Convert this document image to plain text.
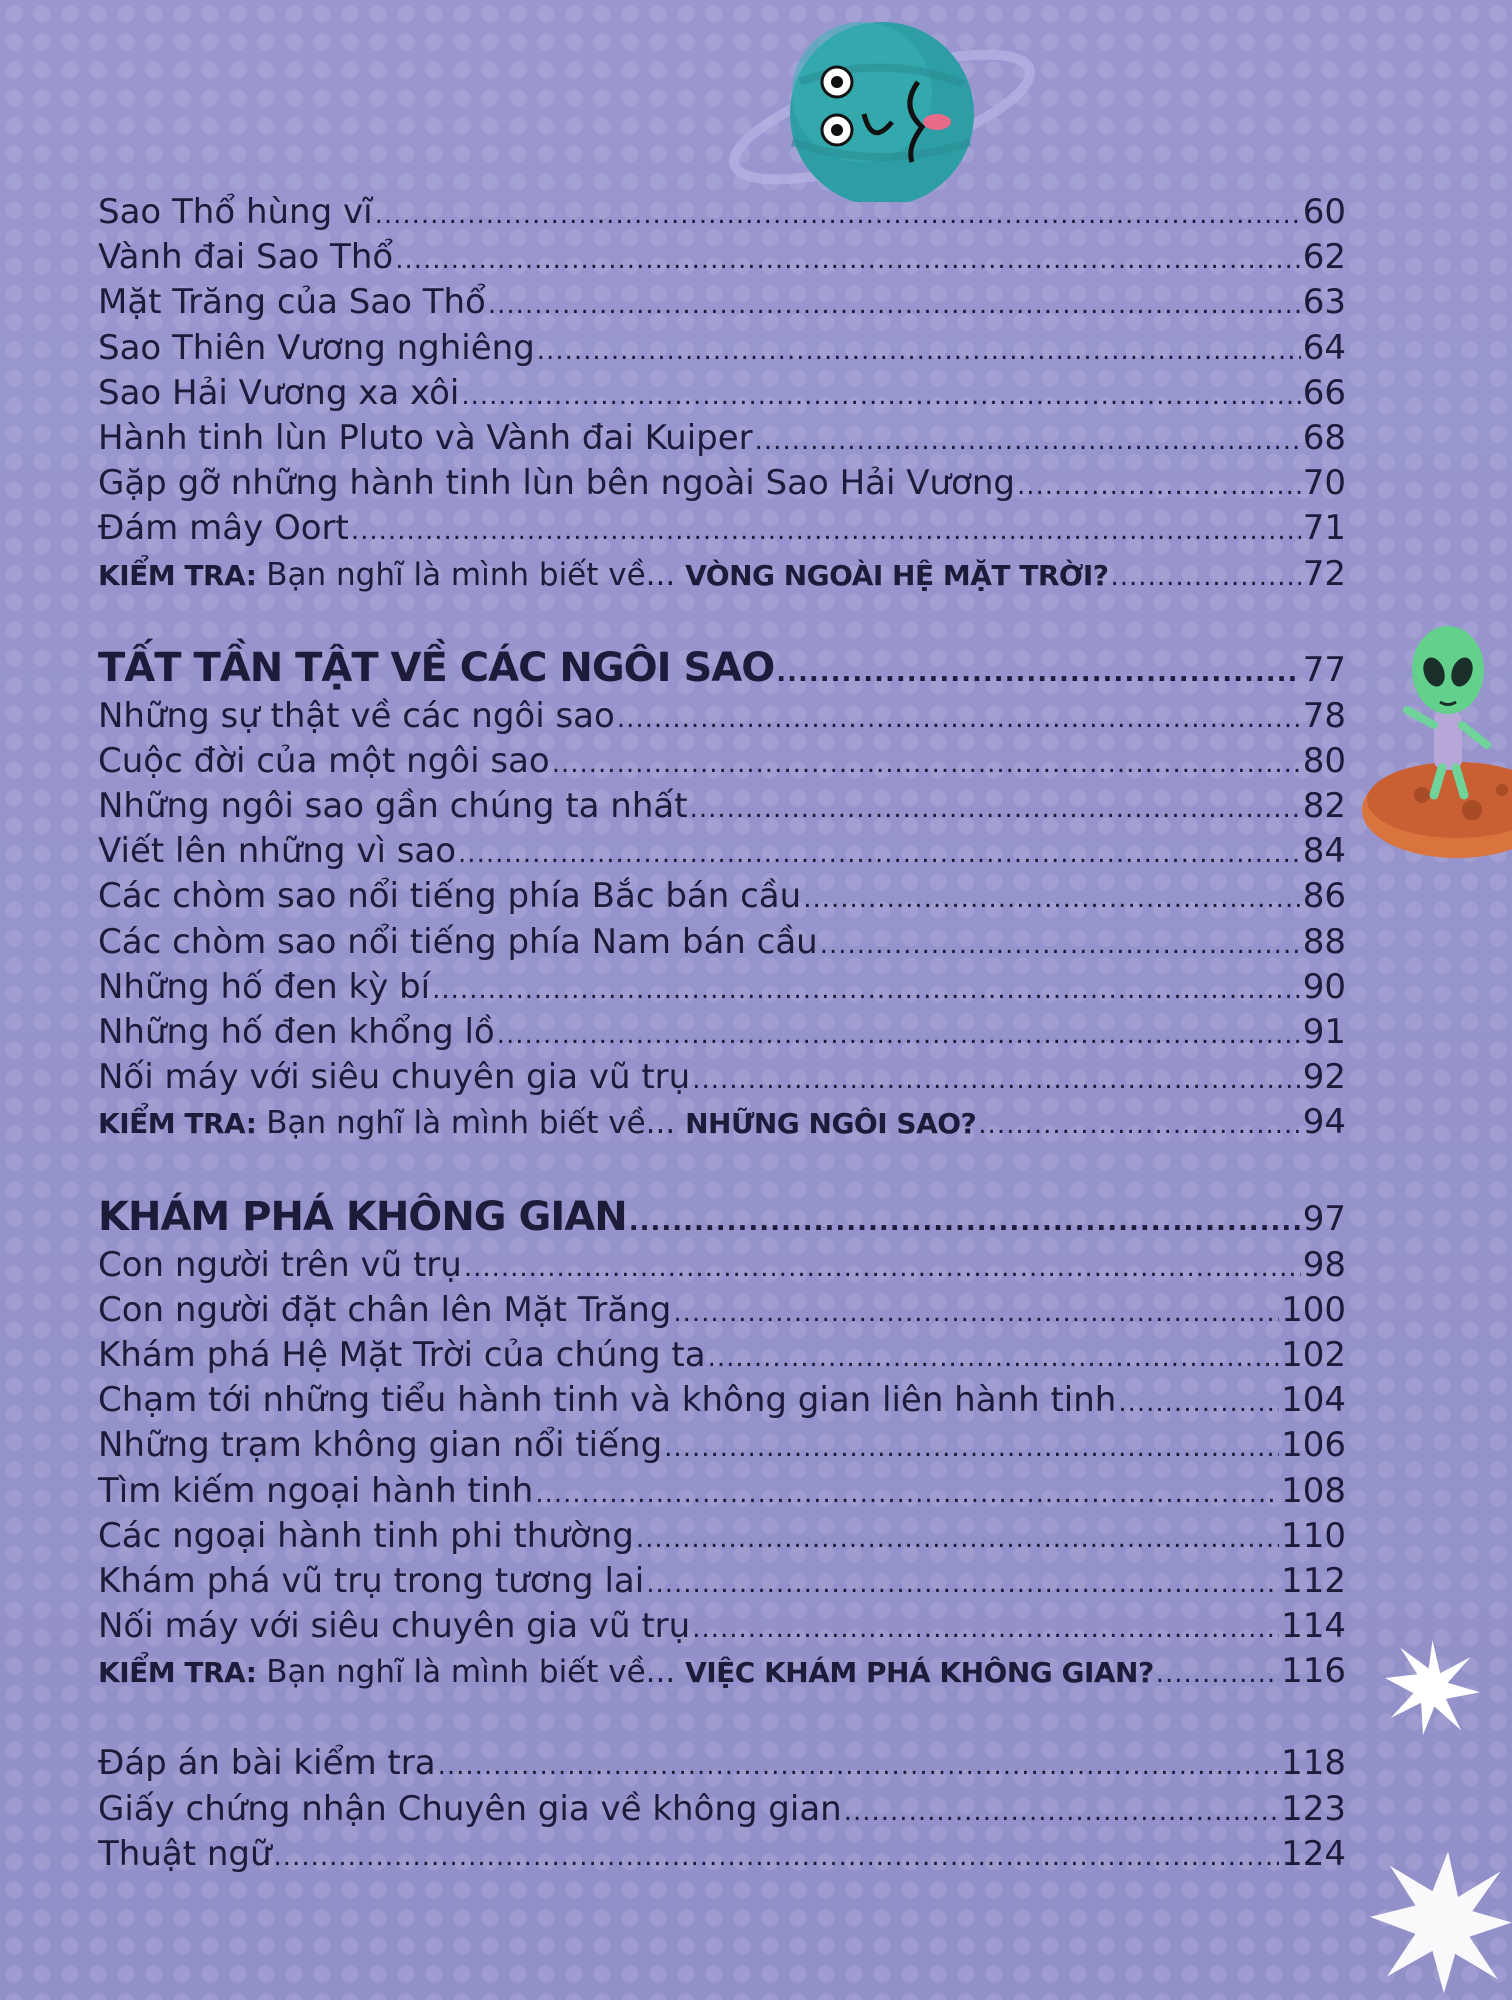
Sao Thổ hùng vĩ .....	60
Vành đai Sao Thổ .....	62
Mặt Trăng của Sao Thổ .....	63
Sao Thiên Vương nghiêng .....	64
Sao Hải Vương xa xôi .....	66
Hành tinh lùn Pluto và Vành đai Kuiper .....	68
Gặp gỡ những hành tinh lùn bên ngoài Sao Hải Vương .....	70
Đám mây Oort .....	71
KIỂM TRA: Bạn nghĩ là mình biết về... VÒNG NGOÀI HỆ MẶT TRỜI? .....	72
TẤT TẦN TẬT VỀ CÁC NGÔI SAO .....	77
Những sự thật về các ngôi sao .....	78
Cuộc đời của một ngôi sao .....	80
Những ngôi sao gần chúng ta nhất .....	82
Viết lên những vì sao .....	84
Các chòm sao nổi tiếng phía Bắc bán cầu .....	86
Các chòm sao nổi tiếng phía Nam bán cầu .....	88
Những hố đen kỳ bí .....	90
Những hố đen khổng lồ .....	91
Nối máy với siêu chuyên gia vũ trụ .....	92
KIỂM TRA: Bạn nghĩ là mình biết về... NHỮNG NGÔI SAO? .....	94
KHÁM PHÁ KHÔNG GIAN .....	97
Con người trên vũ trụ .....	98
Con người đặt chân lên Mặt Trăng .....	100
Khám phá Hệ Mặt Trời của chúng ta .....	102
Chạm tới những tiểu hành tinh và không gian liên hành tinh .....	104
Những trạm không gian nổi tiếng .....	106
Tìm kiếm ngoại hành tinh .....	108
Các ngoại hành tinh phi thường .....	110
Khám phá vũ trụ trong tương lai .....	112
Nối máy với siêu chuyên gia vũ trụ .....	114
KIỂM TRA: Bạn nghĩ là mình biết về... VIỆC KHÁM PHÁ KHÔNG GIAN? .....	116
Đáp án bài kiểm tra .....	118
Giấy chứng nhận Chuyên gia về không gian .....	123
Thuật ngữ .....	124
